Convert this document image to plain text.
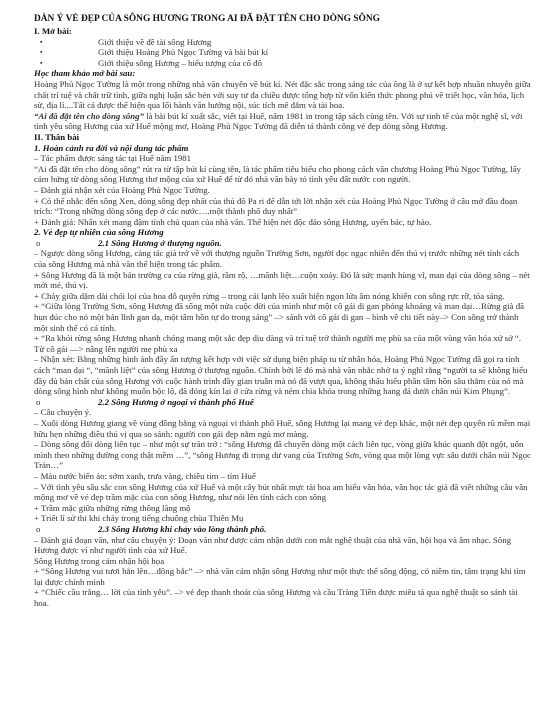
DÀN Ý VẺ ĐẸP CỦA SÔNG HƯƠNG TRONG AI ĐÃ ĐẶT TÊN CHO DÒNG SÔNG

I. Mở bài:

▪ Giới thiệu về đề tài sông Hương
▪ Giới thiệu Hoàng Phủ Ngọc Tường và bài bút kí
▪ Giới thiệu sông Hương – biểu tượng của cố đô

Học tham khảo mở bài sau:

Hoàng Phủ Ngọc Tường là một trong những nhà văn chuyên về bút kí. Nét đặc sắc trong sáng tác của ông là ở sự kết hợp nhuần nhuyễn giữa chất trí tuệ và chất trữ tình, giữa nghị luận sắc bén với suy tư đa chiều được tổng hợp từ vốn kiến thức phong phú về triết học, văn hóa, lịch sử, địa lí....Tất cả được thể hiện qua lối hành văn hướng nội, súc tích mê đắm và tài hoa.

“Ai đã đặt tên cho dòng sông” là bài bút kí xuất sắc, viết tại Huế, năm 1981 in trong tập sách cùng tên. Với sự tinh tế của một nghệ sĩ, với tình yêu sông Hương của xứ Huế mộng mơ, Hoàng Phủ Ngọc Tường đã diễn tả thành công vẻ đẹp dòng sông Hương.

II. Thân bài

1. Hoàn cảnh ra đời và nội dung tác phẩm

– Tác phẩm được sáng tác tại Huế năm 1981

“Ai đã đặt tên cho dòng sông” rút ra từ tập bút kí cùng tên, là tác phẩm tiêu biểu cho phong cách văn chương Hoàng Phủ Ngọc Tường, lấy cảm hứng từ dòng sông Hương thơ mộng của xứ Huế để từ đó nhà văn bày tỏ tình yêu đất nước con người.

– Đánh giá nhận xét của Hoàng Phủ Ngọc Tường.

+ Có thể nhắc đến sông Xen, dòng sông đẹp nhất của thủ đô Pa ri để dẫn tới lời nhận xét của Hoàng Phủ Ngọc Tường ở câu mở đầu đoạn trích: “Trong những dòng sông đẹp ở các nước….một thành phố duy nhất”

+ Đánh giá: Nhấn xét mang đậm tính chủ quan của nhà văn. Thể hiện nét độc đáo sông Hương, uyển bác, tự hào.

2. Vẻ đẹp tự nhiên của sông Hương

o	2.1 Sông Hương ở thượng nguồn.

– Ngược dòng sông Hương, càng tác giả trở về với thượng nguồn Trường Sơn, người đọc ngạc nhiên đến thú vị trước những nét tính cách của sông Hương mà nhà văn thể hiện trong tác phẩm.

+ Sông Hương đã là một bản trường ca của rừng già, rầm rộ, …mãnh liệt…cuộn xoáy. Đó là sức mạnh hùng vĩ, man dại của dòng sông – nét mới mẻ, thú vị.

+ Chảy giữa dặm dài chói lọi của hoa đỗ quyên rừng – trong cái lạnh lẽo xuất hiện ngọn lửa âm nóng khiến con sông rực rỡ, tỏa sáng.

+ “Giữa lòng Trường Sơn, sông Hương đã sống một nửa cuộc đời của mình như một cô gái di gan phóng khoáng và man dại…Rừng già đã hun đúc cho nó một bản lĩnh gan dạ, một tâm hồn tự do trong sáng” –> sánh với cô gái di gan – bình về chi tiết này–> Con sông trở thành một sinh thể có cá tính.

+ “Ra khỏi rừng sông Hương nhanh chóng mang một sắc đẹp dịu dàng và trí tuệ trở thành người mẹ phù sa của một vùng văn hóa xứ sở “. Từ cô gái —> nâng lên người mẹ phù xa

– Nhận xét: Bằng những hình ảnh đầy ấn tượng kết hợp với việc sử dụng biện pháp tu từ nhân hóa, Hoàng Phủ Ngọc Tường đã gọi ra tính cách “man dại “, “mãnh liệt” của sông Hương ở thượng nguồn. Chính bởi lẽ đó mà nhà văn nhắc nhở ta ý nghĩ rằng “người ta sẽ không hiểu đầy đủ bản chất của sông Hương với cuộc hành trình đầy gian truân mà nó đã vượt qua, không thấu hiểu phần tâm hồn sâu thẳm của nó mà dòng sông hình như không muốn bộc lộ, đã đóng kín lại ở cửa rừng và ném chìa khóa trong những hang đá dưới chân núi Kim Phụng”.

o	2.2 Sông Hương ở ngoại vi thành phố Huế

– Câu chuyện ý.

– Xuôi dòng Hương giang về vùng đồng bằng và ngoại vi thành phố Huế, sông Hương lại mang vẻ đẹp khác, một nét đẹp quyến rũ mềm mại hữu hẹn những điều thú vị qua so sánh: người con gái đẹp nằm ngủ mơ màng.

– Dòng sông đổi dòng liên tục – như một sự trăn trở : “sông Hương đã chuyển dòng một cách liên tục, vòng giữa khúc quanh đột ngột, uốn mình theo những đường cong thật mềm …”, “sông Hương đi trong dư vang của Trường Sơn, vòng qua một lòng vực sâu dưới chân núi Ngọc Trản…”

– Màu nước biến ảo: sớm xanh, trưa vàng, chiều tím – tím Huế

– Với tình yêu sâu sắc con sông Hương của xứ Huế và một cây bút nhất mực tài hoa am hiểu văn hóa, văn học tác giả đã viết những câu văn mộng mơ về vẻ đẹp trầm mặc của con sông Hương, như nói lên tính cách con sông

+ Trầm mặc giữa những rừng thông lăng mộ

+ Triết lí sử thi khi chảy trong tiếng chuông chùa Thiên Mụ

o	2.3 Sông Hương khi chảy vào lòng thành phố.

– Đánh giá đoạn văn, như câu chuyện ý: Đoạn văn như được cảm nhận dưới con mắt nghệ thuật của nhà văn, hội họa và âm nhạc. Sông Hương được ví như người tình của xứ Huế.

Sông Hương trong cảm nhận hội họa

+ “Sông Hương vui tươi hẳn lên…đông bắc” –> nhà văn cảm nhận sông Hương như một thực thể sống động, có niềm tin, tâm trạng khi tìm lại được chính mình

+ “Chiếc cầu trắng… lời của tình yêu”. –> vẻ đẹp thanh thoát của sông Hương và cầu Tràng Tiền được miêu tả qua nghệ thuật so sánh tài hoa.
